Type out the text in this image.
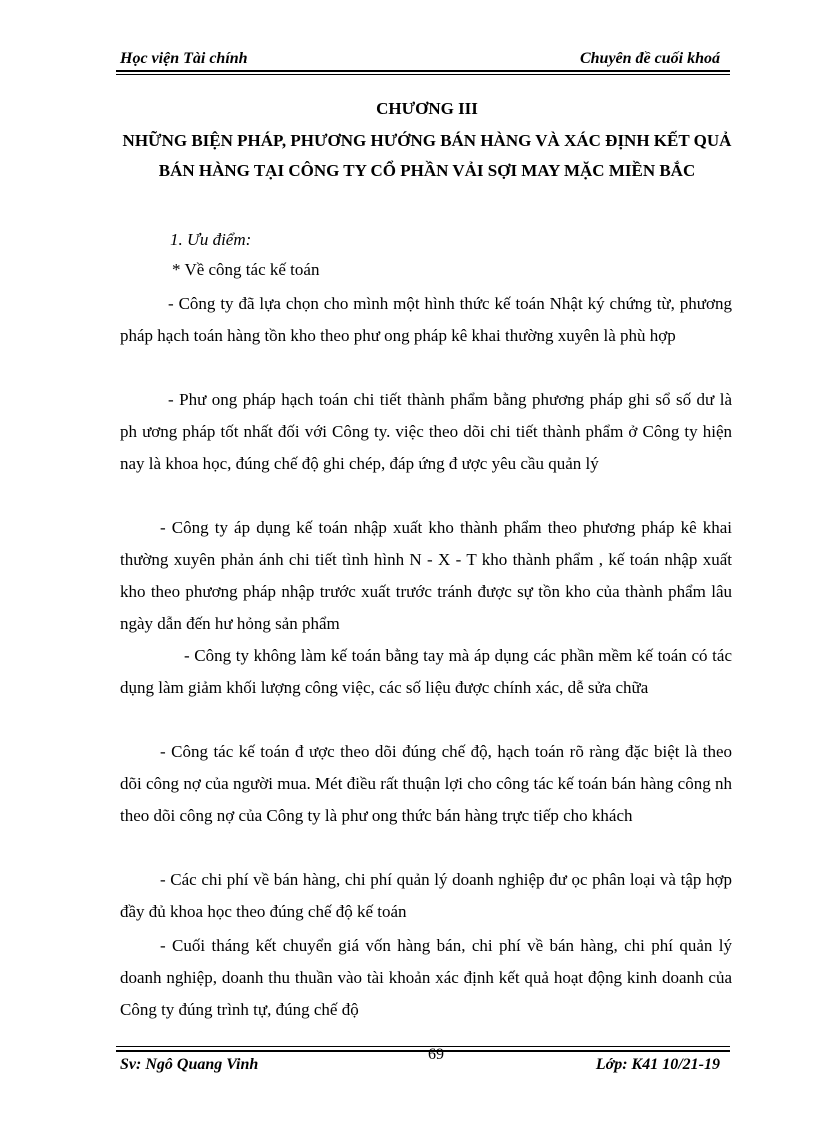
Học viện Tài chính	Chuyên đề cuối khoá
CHƯƠNG III
NHỮNG BIỆN PHÁP, PHƯƠNG HƯỚNG BÁN HÀNG VÀ XÁC ĐỊNH KẾT QUẢ BÁN HÀNG TẠI CÔNG TY CỔ PHẦN VẢI SỢI MAY MẶC MIỀN BẮC
1. Ưu điểm:
* Về công tác kế toán
- Công ty đã lựa chọn cho mình một hình thức kế toán Nhật ký chứng từ, phương pháp hạch toán hàng tồn kho theo phư ong pháp kê khai thường xuyên là phù hợp
- Phư ong pháp hạch toán chi tiết thành phẩm bằng phương pháp ghi sổ số dư là ph ương pháp tốt nhất đối với Công ty. việc theo dõi chi tiết thành phẩm ở Công ty hiện nay là khoa học, đúng chế độ ghi chép, đáp ứng đ ược yêu cầu quản lý
- Công ty áp dụng kế toán nhập xuất kho thành phẩm theo phương pháp kê khai thường xuyên phản ánh chi tiết tình hình N - X - T kho thành phẩm , kế toán nhập xuất kho theo phương pháp nhập trước xuất trước tránh được sự tồn kho của thành phẩm lâu ngày dẫn đến hư hỏng sản phẩm
- Công ty không làm kế toán bằng tay mà áp dụng các phần mềm kế toán có tác dụng làm giảm khối lượng công việc, các số liệu được chính xác, dễ sửa chữa
- Công tác kế toán đ ược theo dõi đúng chế độ, hạch toán rõ ràng đặc biệt là theo dõi công nợ của người mua. Mét điều rất thuận lợi cho công tác kế toán bán hàng công nh theo dõi công nợ của Công ty là phư ong thức bán hàng trực tiếp cho khách
- Các chi phí về bán hàng, chi phí quản lý doanh nghiệp đư ọc phân loại và tập hợp đầy đủ khoa học theo đúng chế độ kế toán
- Cuối tháng kết chuyển giá vốn hàng bán, chi phí về bán hàng, chi phí quản lý doanh nghiệp, doanh thu thuần vào tài khoản xác định kết quả hoạt động kinh doanh của Công ty đúng trình tự, đúng chế độ
Sv: Ngô Quang Vinh
69
Lớp: K41 10/21-19
